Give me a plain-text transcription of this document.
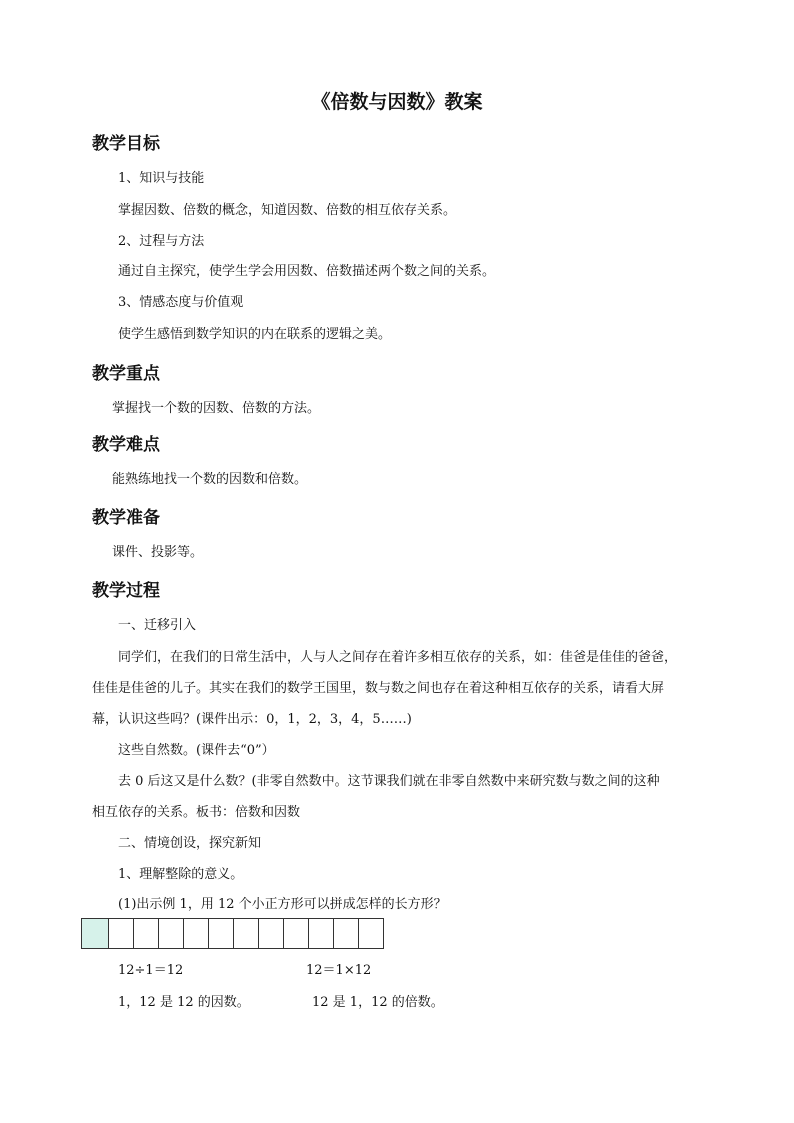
《倍数与因数》教案
教学目标
1、知识与技能
掌握因数、倍数的概念，知道因数、倍数的相互依存关系。
2、过程与方法
通过自主探究，使学生学会用因数、倍数描述两个数之间的关系。
3、情感态度与价值观
使学生感悟到数学知识的内在联系的逻辑之美。
教学重点
掌握找一个数的因数、倍数的方法。
教学难点
能熟练地找一个数的因数和倍数。
教学准备
课件、投影等。
教学过程
一、迁移引入
同学们，在我们的日常生活中，人与人之间存在着许多相互依存的关系，如：佳爸是佳佳的爸爸，
佳佳是佳爸的儿子。其实在我们的数学王国里，数与数之间也存在着这种相互依存的关系，请看大屏
幕，认识这些吗？(课件出示：0，1，2，3，4，5……)
这些自然数。(课件去“0”）
去 0 后这又是什么数？(非零自然数中。这节课我们就在非零自然数中来研究数与数之间的这种
相互依存的关系。板书：倍数和因数
二、情境创设，探究新知
1、理解整除的意义。
(1)出示例 1，用 12 个小正方形可以拼成怎样的长方形？
12÷1＝12	12＝1×12
1，12 是 12 的因数。	12 是 1，12 的倍数。
